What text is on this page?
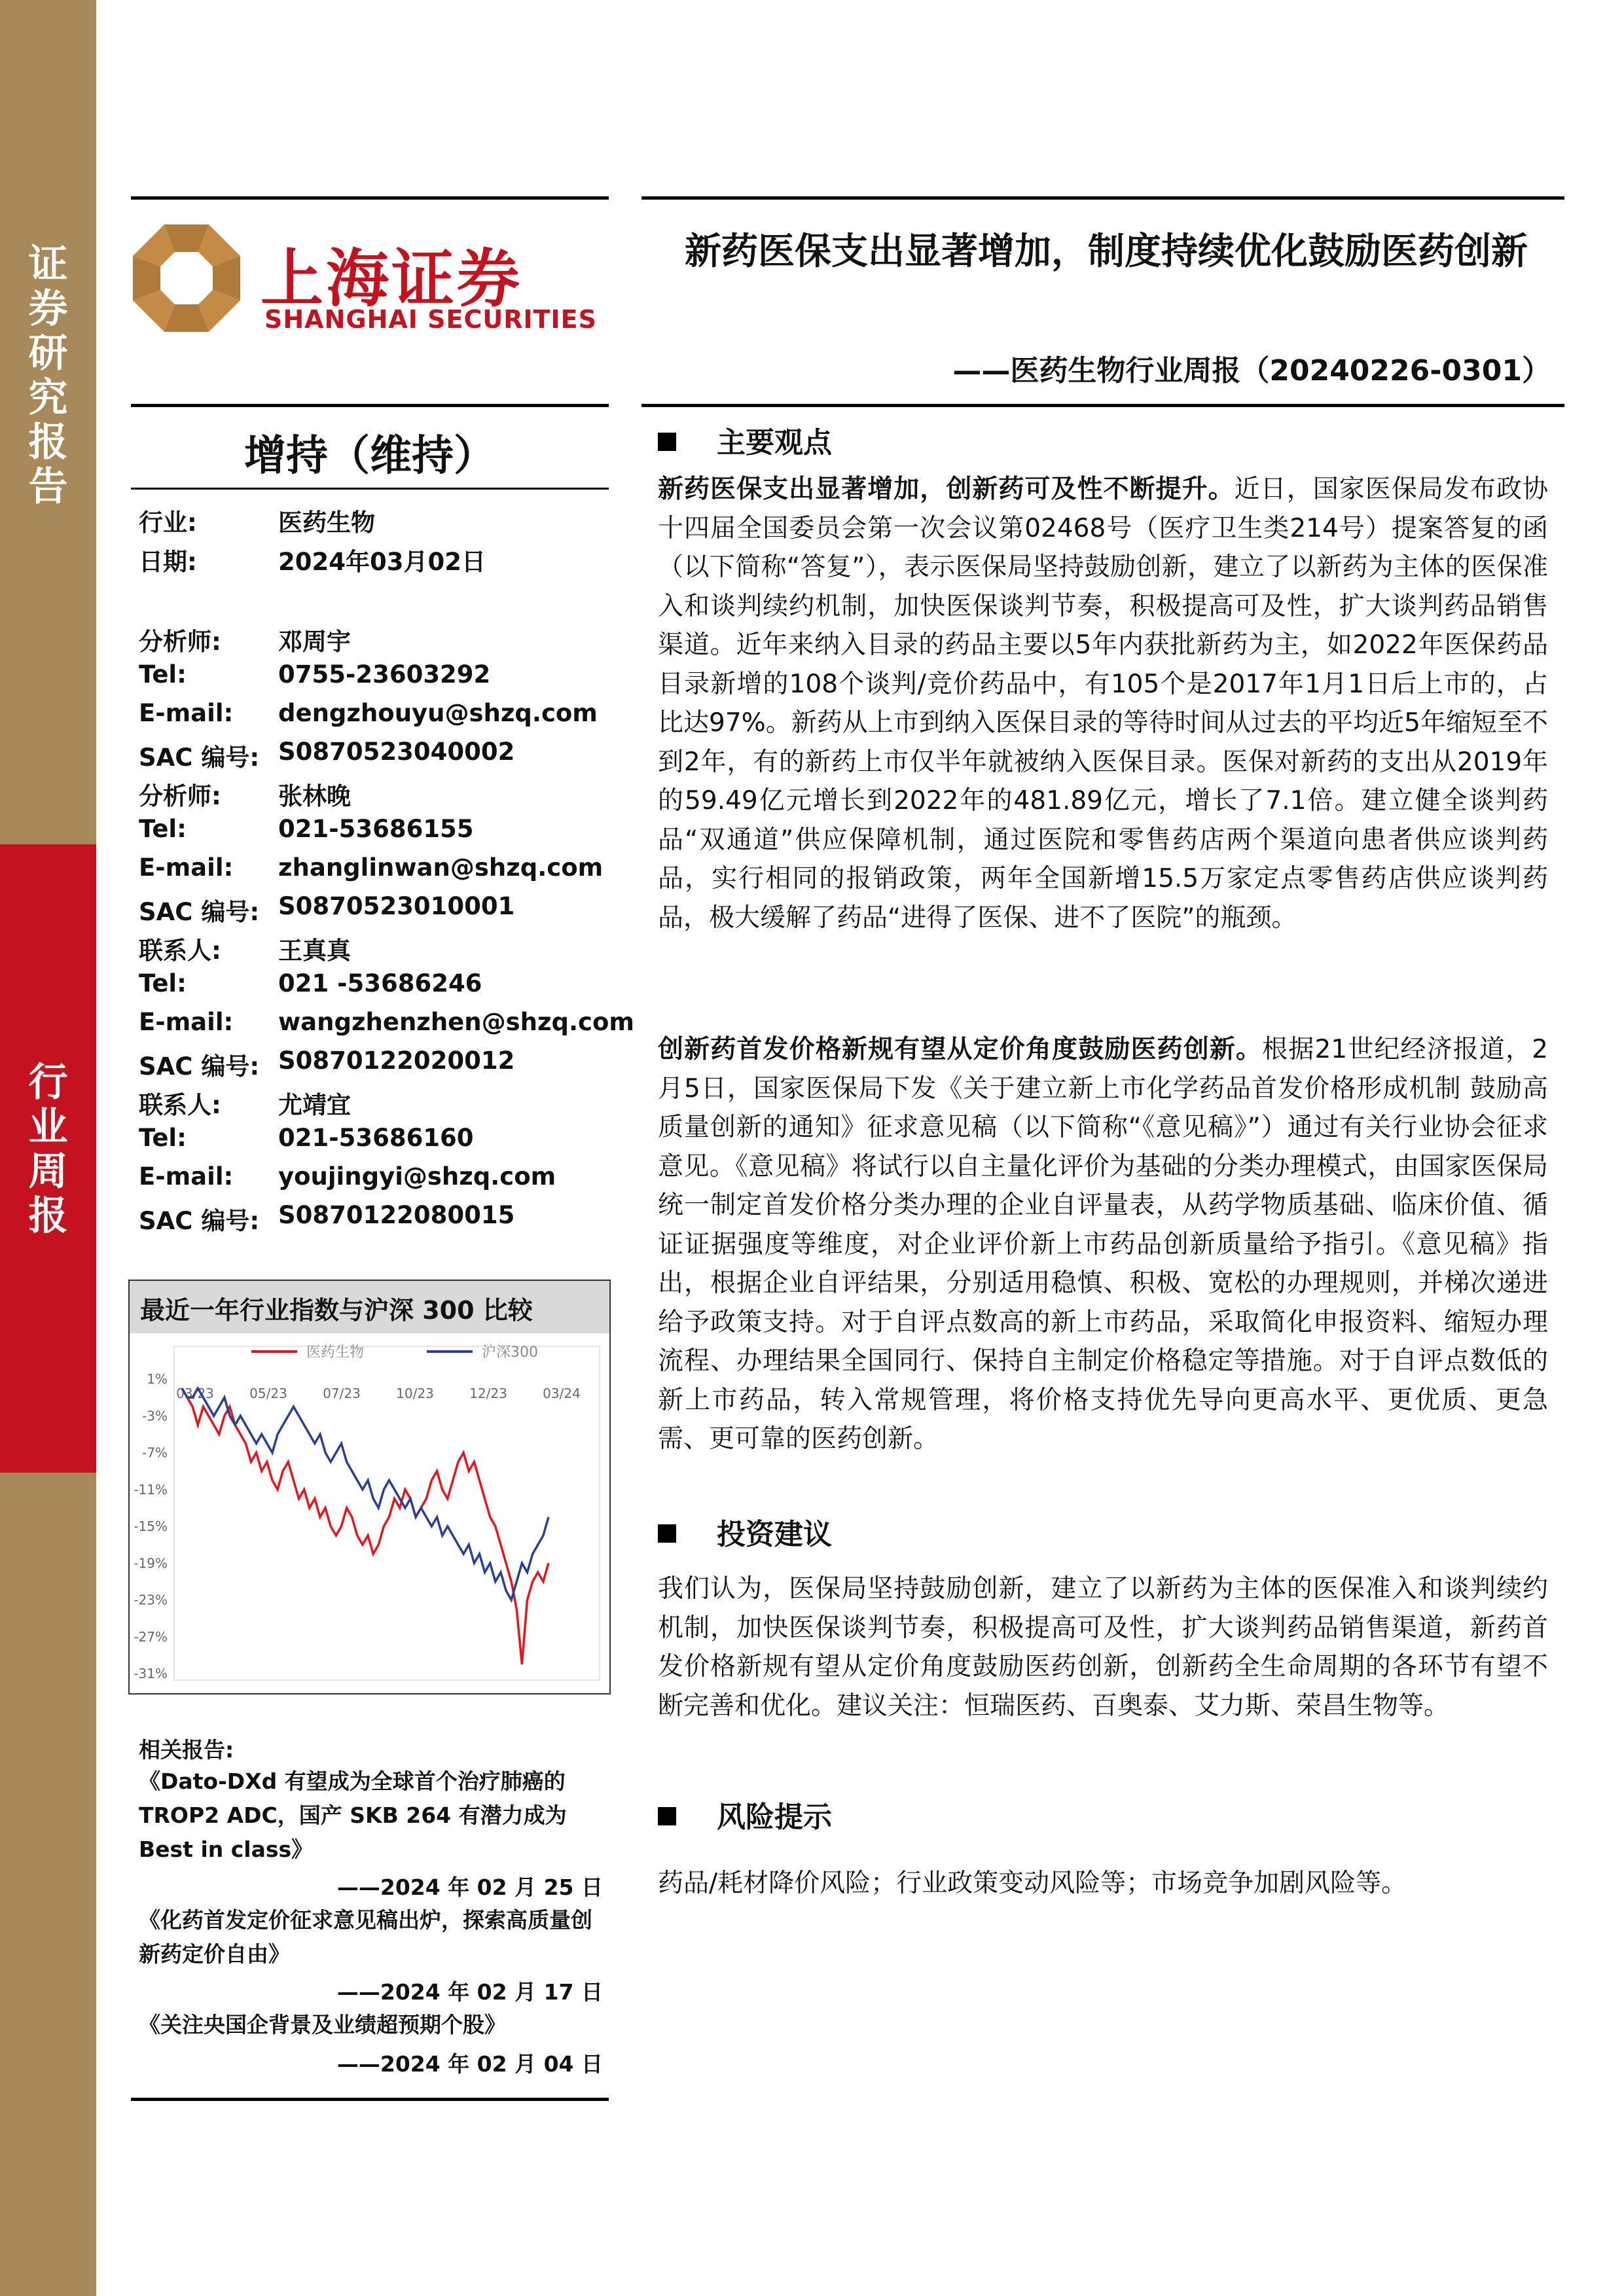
证
券
研
究
报
告
行
业
周
报
上海证券
SHANGHAI SECURITIES
增持（维持）
行业:	医药生物
日期:	2024年03月02日
分析师: 邓周宇
Tel:	0755-23603292
E-mail: dengzhouyu@shzq.com
SAC 编号: S0870523040002
分析师: 张林晚
Tel:	021-53686155
E-mail: zhanglinwan@shzq.com
SAC 编号: S0870523010001
联系人: 王真真
Tel:	021 -53686246
E-mail: wangzhenzhen@shzq.com
SAC 编号: S0870122020012
联系人: 尤靖宜
Tel:	021-53686160
E-mail: youjingyi@shzq.com
SAC 编号: S0870122080015
最近一年行业指数与沪深 300 比较
医药生物	沪深300
1%
-3%
-7%
-11%
-15%
-19%
-23%
-27%
-31%
03/23	05/23	07/23	10/23	12/23	03/24
相关报告:
《Dato-DXd 有望成为全球首个治疗肺癌的 TROP2 ADC，国产 SKB 264 有潜力成为 Best in class》
——2024 年 02 月 25 日
《化药首发定价征求意见稿出炉，探索高质量创新药定价自由》
——2024 年 02 月 17 日
《关注央国企背景及业绩超预期个股》
——2024 年 02 月 04 日
新药医保支出显著增加，制度持续优化鼓励医药创新
——医药生物行业周报（20240226-0301）
主要观点
新药医保支出显著增加，创新药可及性不断提升。近日，国家医保局发布政协十四届全国委员会第一次会议第02468号（医疗卫生类214号）提案答复的函（以下简称“答复”），表示医保局坚持鼓励创新，建立了以新药为主体的医保准入和谈判续约机制，加快医保谈判节奏，积极提高可及性，扩大谈判药品销售渠道。近年来纳入目录的药品主要以5年内获批新药为主，如2022年医保药品目录新增的108个谈判/竞价药品中，有105个是2017年1月1日后上市的，占比达97%。新药从上市到纳入医保目录的等待时间从过去的平均近5年缩短至不到2年，有的新药上市仅半年就被纳入医保目录。医保对新药的支出从2019年的59.49亿元增长到2022年的481.89亿元，增长了7.1倍。建立健全谈判药品“双通道”供应保障机制，通过医院和零售药店两个渠道向患者供应谈判药品，实行相同的报销政策，两年全国新增15.5万家定点零售药店供应谈判药品，极大缓解了药品“进得了医保、进不了医院”的瓶颈。
创新药首发价格新规有望从定价角度鼓励医药创新。根据21世纪经济报道，2月5日，国家医保局下发《关于建立新上市化学药品首发价格形成机制 鼓励高质量创新的通知》征求意见稿（以下简称“《意见稿》”）通过有关行业协会征求意见。《意见稿》将试行以自主量化评价为基础的分类办理模式，由国家医保局统一制定首发价格分类办理的企业自评量表，从药学物质基础、临床价值、循证证据强度等维度，对企业评价新上市药品创新质量给予指引。《意见稿》指出，根据企业自评结果，分别适用稳慎、积极、宽松的办理规则，并梯次递进给予政策支持。对于自评点数高的新上市药品，采取简化申报资料、缩短办理流程、办理结果全国同行、保持自主制定价格稳定等措施。对于自评点数低的新上市药品，转入常规管理，将价格支持优先导向更高水平、更优质、更急需、更可靠的医药创新。
投资建议
我们认为，医保局坚持鼓励创新，建立了以新药为主体的医保准入和谈判续约机制，加快医保谈判节奏，积极提高可及性，扩大谈判药品销售渠道，新药首发价格新规有望从定价角度鼓励医药创新，创新药全生命周期的各环节有望不断完善和优化。建议关注：恒瑞医药、百奥泰、艾力斯、荣昌生物等。
风险提示
药品/耗材降价风险；行业政策变动风险等；市场竞争加剧风险等。
